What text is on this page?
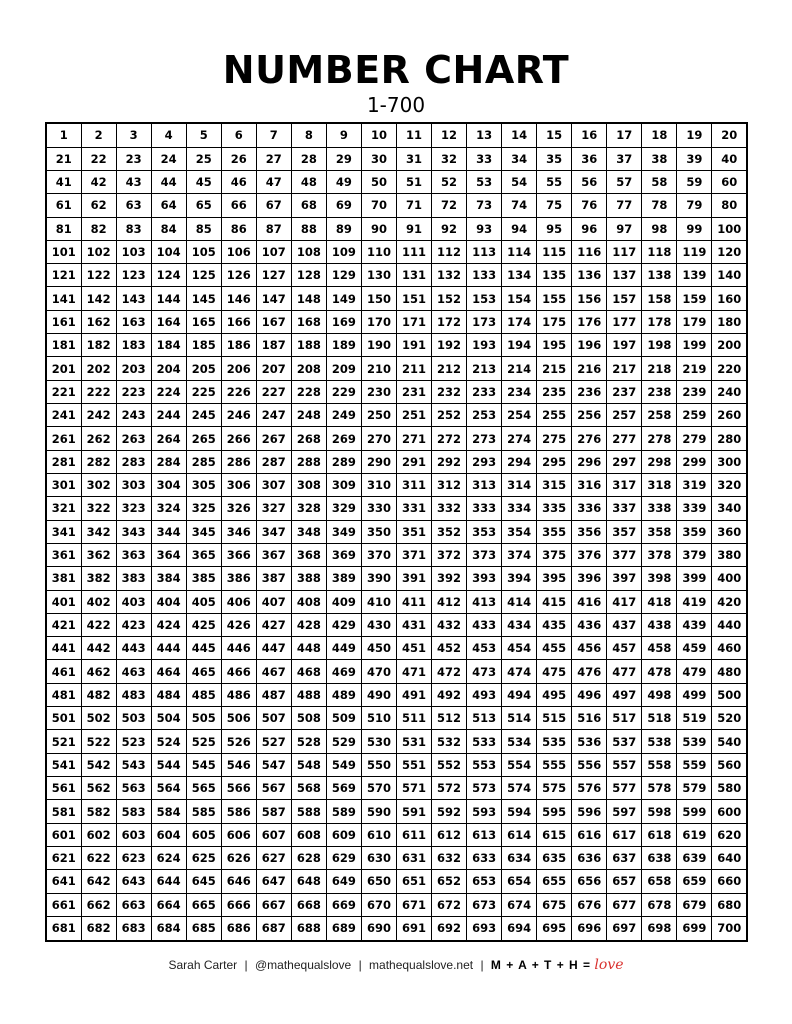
NUMBER CHART
1-700
1	2	3	4	5	6	7	8	9	10	11	12	13	14	15	16	17	18	19	20
21	22	23	24	25	26	27	28	29	30	31	32	33	34	35	36	37	38	39	40
41	42	43	44	45	46	47	48	49	50	51	52	53	54	55	56	57	58	59	60
61	62	63	64	65	66	67	68	69	70	71	72	73	74	75	76	77	78	79	80
81	82	83	84	85	86	87	88	89	90	91	92	93	94	95	96	97	98	99	100
101	102	103	104	105	106	107	108	109	110	111	112	113	114	115	116	117	118	119	120
121	122	123	124	125	126	127	128	129	130	131	132	133	134	135	136	137	138	139	140
141	142	143	144	145	146	147	148	149	150	151	152	153	154	155	156	157	158	159	160
161	162	163	164	165	166	167	168	169	170	171	172	173	174	175	176	177	178	179	180
181	182	183	184	185	186	187	188	189	190	191	192	193	194	195	196	197	198	199	200
201	202	203	204	205	206	207	208	209	210	211	212	213	214	215	216	217	218	219	220
221	222	223	224	225	226	227	228	229	230	231	232	233	234	235	236	237	238	239	240
241	242	243	244	245	246	247	248	249	250	251	252	253	254	255	256	257	258	259	260
261	262	263	264	265	266	267	268	269	270	271	272	273	274	275	276	277	278	279	280
281	282	283	284	285	286	287	288	289	290	291	292	293	294	295	296	297	298	299	300
301	302	303	304	305	306	307	308	309	310	311	312	313	314	315	316	317	318	319	320
321	322	323	324	325	326	327	328	329	330	331	332	333	334	335	336	337	338	339	340
341	342	343	344	345	346	347	348	349	350	351	352	353	354	355	356	357	358	359	360
361	362	363	364	365	366	367	368	369	370	371	372	373	374	375	376	377	378	379	380
381	382	383	384	385	386	387	388	389	390	391	392	393	394	395	396	397	398	399	400
401	402	403	404	405	406	407	408	409	410	411	412	413	414	415	416	417	418	419	420
421	422	423	424	425	426	427	428	429	430	431	432	433	434	435	436	437	438	439	440
441	442	443	444	445	446	447	448	449	450	451	452	453	454	455	456	457	458	459	460
461	462	463	464	465	466	467	468	469	470	471	472	473	474	475	476	477	478	479	480
481	482	483	484	485	486	487	488	489	490	491	492	493	494	495	496	497	498	499	500
501	502	503	504	505	506	507	508	509	510	511	512	513	514	515	516	517	518	519	520
521	522	523	524	525	526	527	528	529	530	531	532	533	534	535	536	537	538	539	540
541	542	543	544	545	546	547	548	549	550	551	552	553	554	555	556	557	558	559	560
561	562	563	564	565	566	567	568	569	570	571	572	573	574	575	576	577	578	579	580
581	582	583	584	585	586	587	588	589	590	591	592	593	594	595	596	597	598	599	600
601	602	603	604	605	606	607	608	609	610	611	612	613	614	615	616	617	618	619	620
621	622	623	624	625	626	627	628	629	630	631	632	633	634	635	636	637	638	639	640
641	642	643	644	645	646	647	648	649	650	651	652	653	654	655	656	657	658	659	660
661	662	663	664	665	666	667	668	669	670	671	672	673	674	675	676	677	678	679	680
681	682	683	684	685	686	687	688	689	690	691	692	693	694	695	696	697	698	699	700
Sarah Carter | @mathequalslove | mathequalslove.net | M + A + T + H = love
